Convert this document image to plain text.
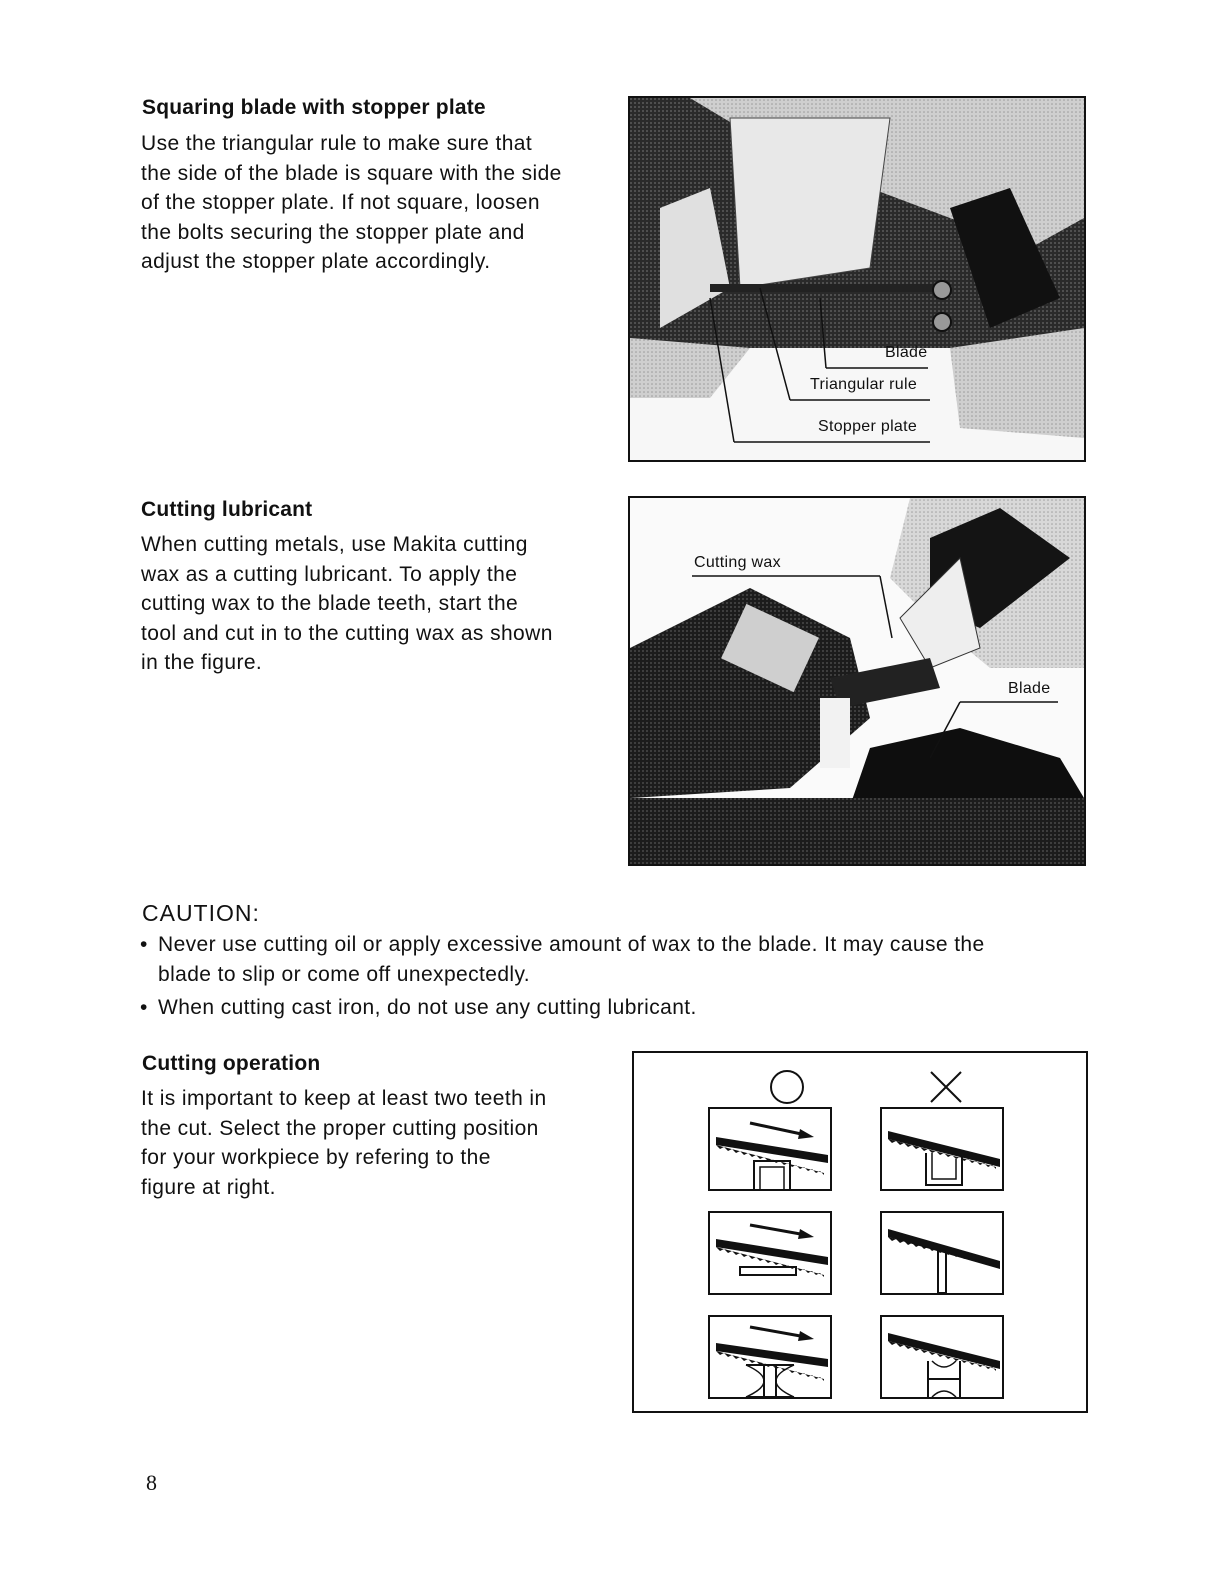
Squaring blade with stopper plate
Use the triangular rule to make sure that
the side of the blade is square with the side
of the stopper plate. If not square, loosen
the bolts securing the stopper plate and
adjust the stopper plate accordingly.
Blade
Triangular rule
Stopper plate
Cutting lubricant
When cutting metals, use Makita cutting
wax as a cutting lubricant. To apply the
cutting wax to the blade teeth, start the
tool and cut in to the cutting wax as shown
in the figure.
Cutting wax
Blade
CAUTION:
• Never use cutting oil or apply excessive amount of wax to the blade. It may cause the
blade to slip or come off unexpectedly.
• When cutting cast iron, do not use any cutting lubricant.
Cutting operation
It is important to keep at least two teeth in
the cut. Select the proper cutting position
for your workpiece by refering to the
figure at right.
8
